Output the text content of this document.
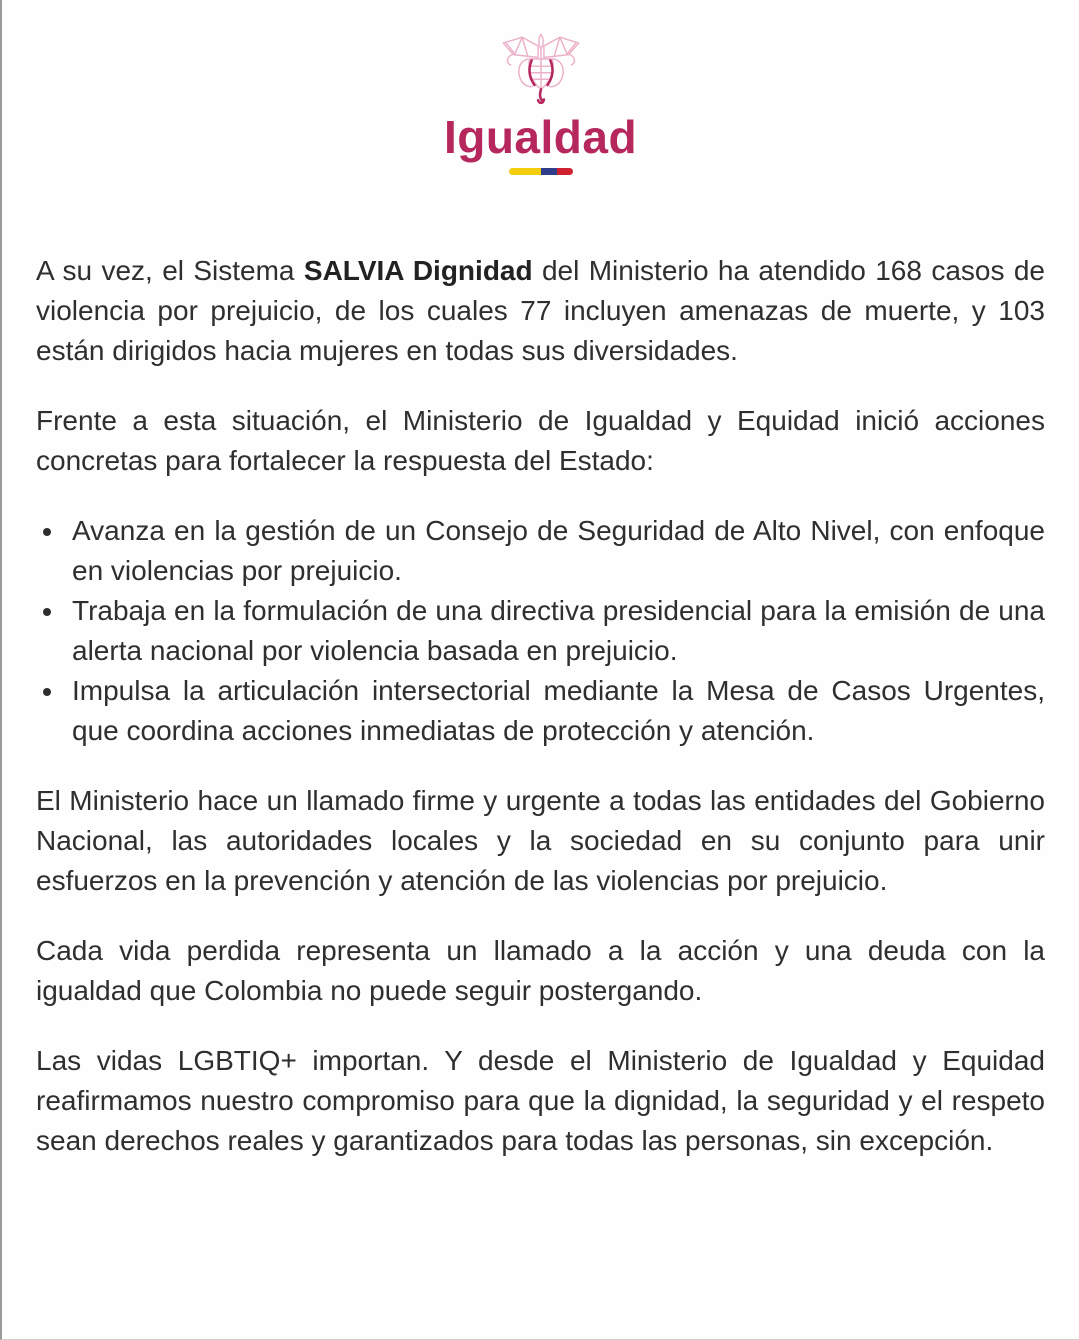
Igualdad

A su vez, el Sistema SALVIA Dignidad del Ministerio ha atendido 168 casos de violencia por prejuicio, de los cuales 77 incluyen amenazas de muerte, y 103 están dirigidos hacia mujeres en todas sus diversidades.

Frente a esta situación, el Ministerio de Igualdad y Equidad inició acciones concretas para fortalecer la respuesta del Estado:

• Avanza en la gestión de un Consejo de Seguridad de Alto Nivel, con enfoque en violencias por prejuicio.
• Trabaja en la formulación de una directiva presidencial para la emisión de una alerta nacional por violencia basada en prejuicio.
• Impulsa la articulación intersectorial mediante la Mesa de Casos Urgentes, que coordina acciones inmediatas de protección y atención.

El Ministerio hace un llamado firme y urgente a todas las entidades del Gobierno Nacional, las autoridades locales y la sociedad en su conjunto para unir esfuerzos en la prevención y atención de las violencias por prejuicio.

Cada vida perdida representa un llamado a la acción y una deuda con la igualdad que Colombia no puede seguir postergando.

Las vidas LGBTIQ+ importan. Y desde el Ministerio de Igualdad y Equidad reafirmamos nuestro compromiso para que la dignidad, la seguridad y el respeto sean derechos reales y garantizados para todas las personas, sin excepción.
